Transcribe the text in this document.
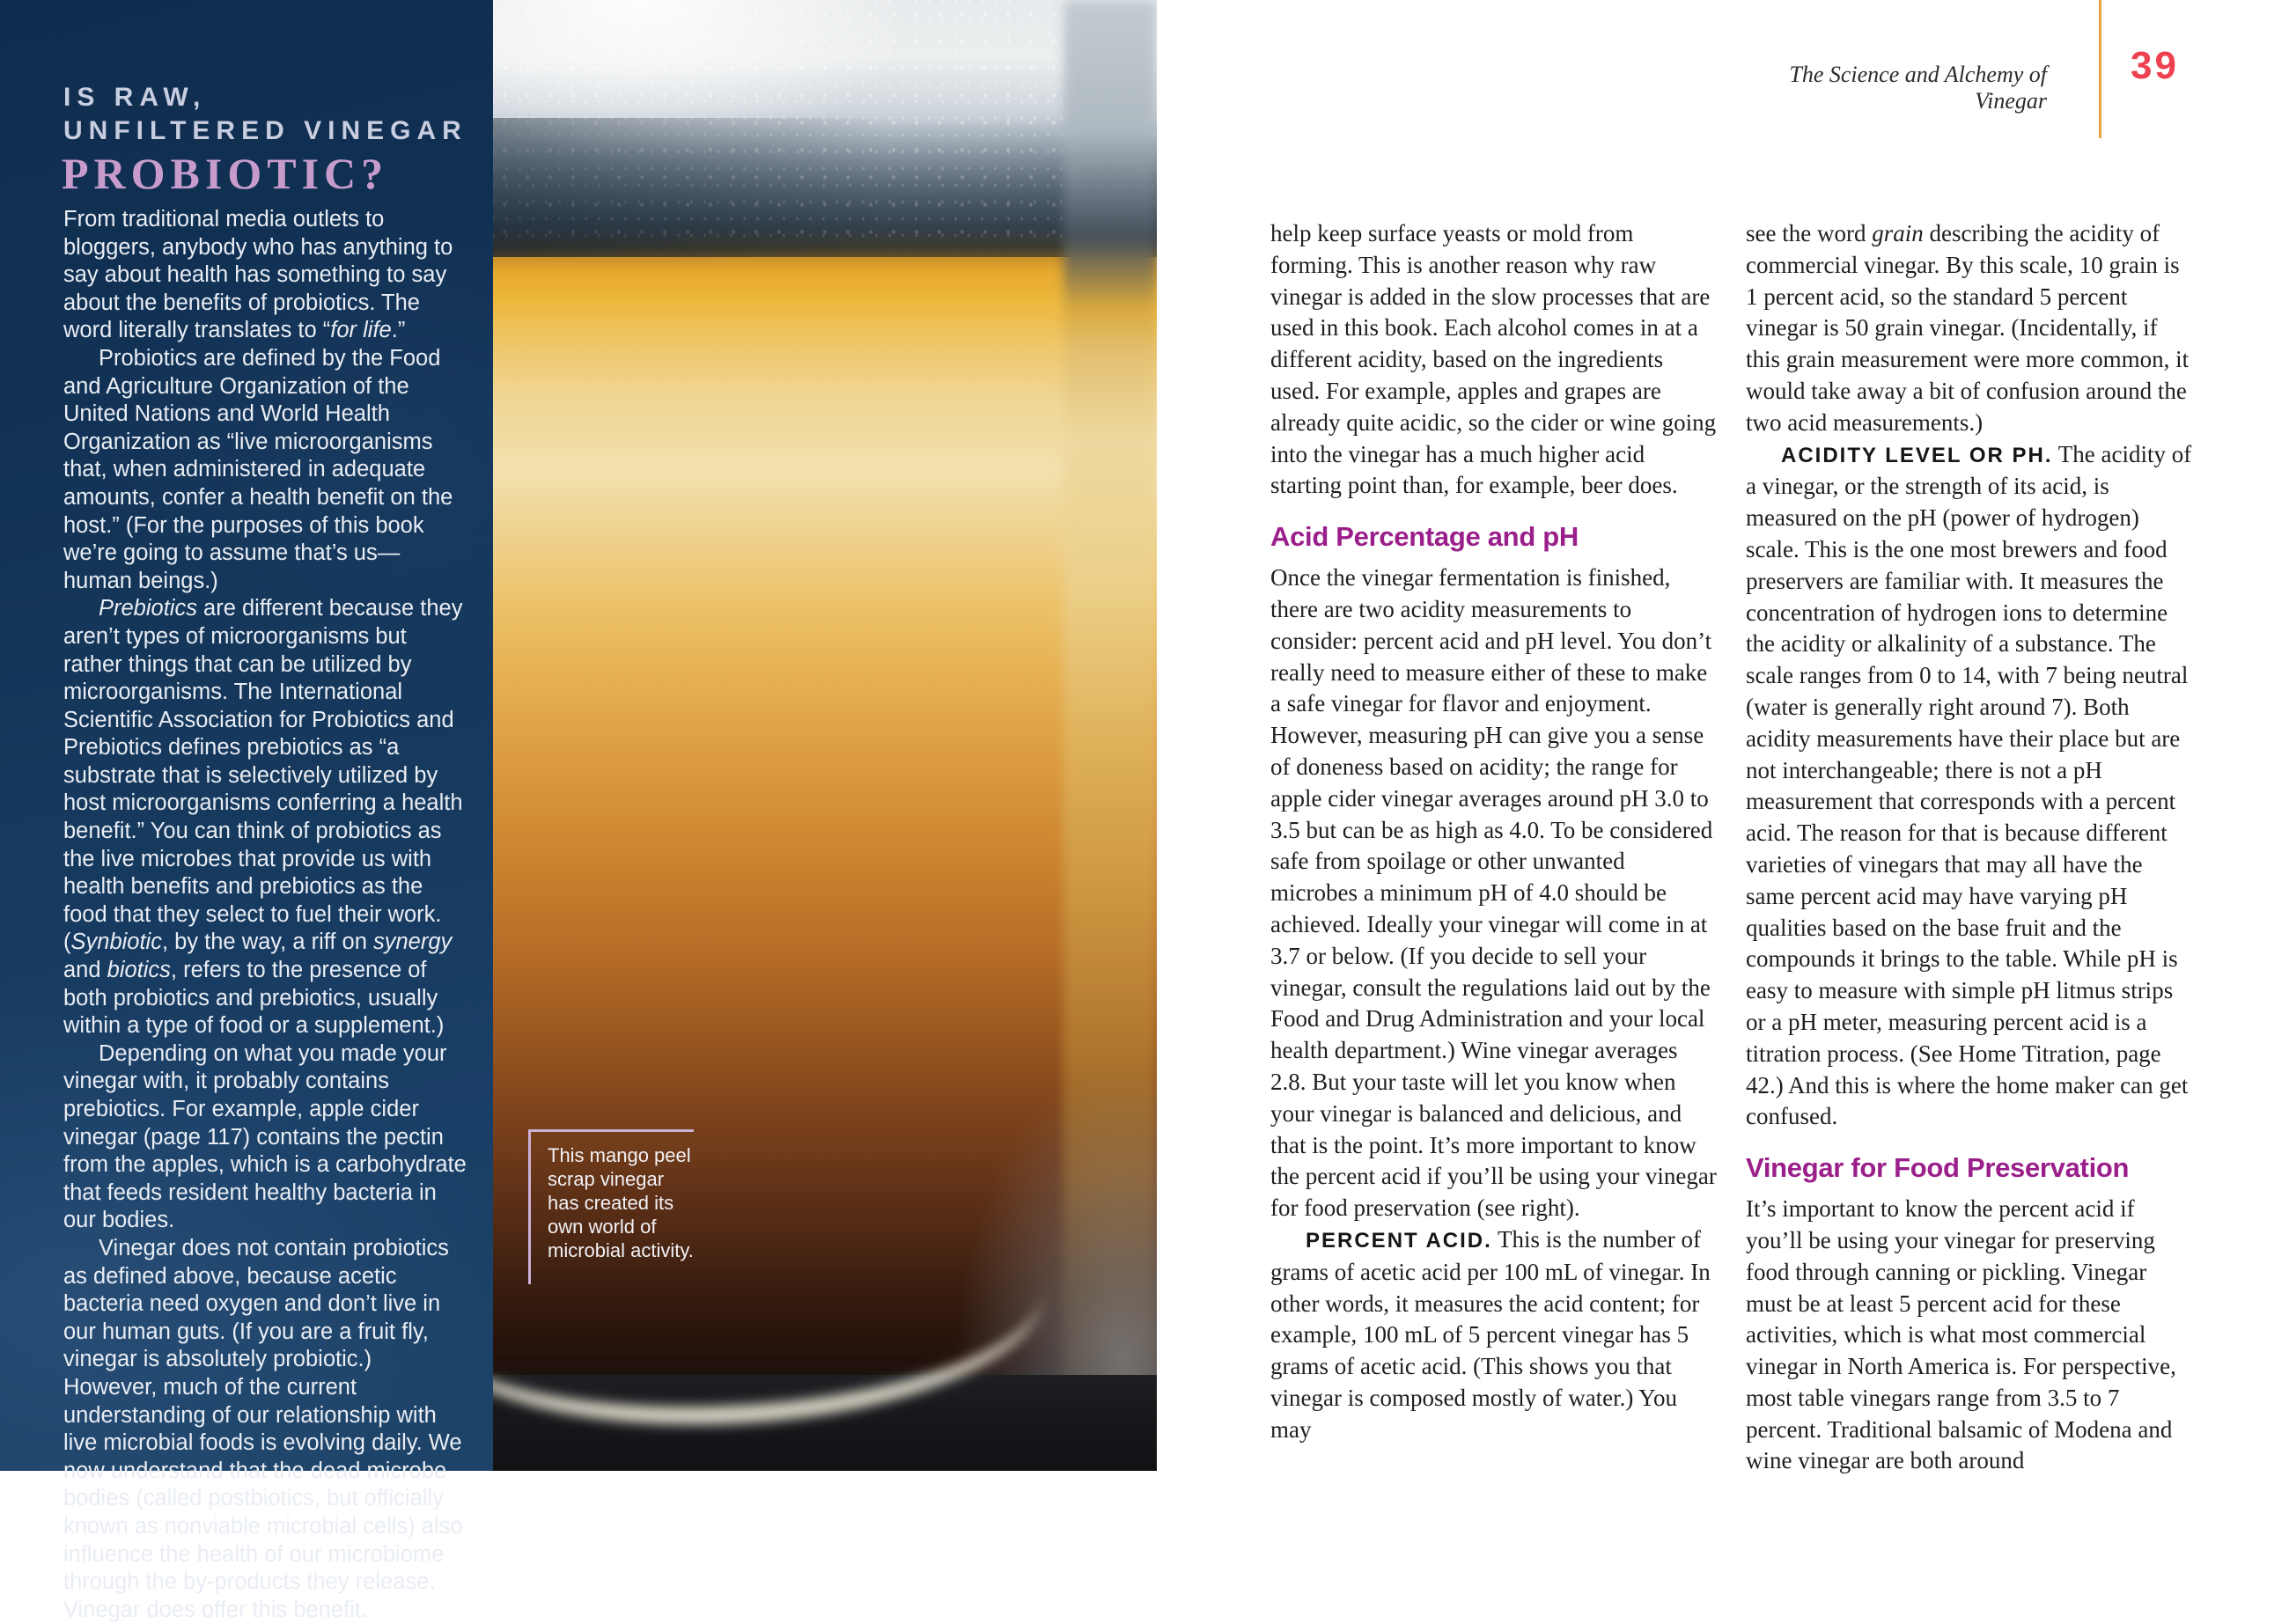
IS RAW,
UNFILTERED VINEGAR
PROBIOTIC?

From traditional media outlets to bloggers, anybody who has anything to say about health has something to say about the benefits of probiotics. The word literally translates to “for life.”

Probiotics are defined by the Food and Agriculture Organization of the United Nations and World Health Organization as “live microorganisms that, when administered in adequate amounts, confer a health benefit on the host.” (For the purposes of this book we’re going to assume that’s us—human beings.)

Prebiotics are different because they aren’t types of microorganisms but rather things that can be utilized by microorganisms. The International Scientific Association for Probiotics and Prebiotics defines prebiotics as “a substrate that is selectively utilized by host microorganisms conferring a health benefit.” You can think of probiotics as the live microbes that provide us with health benefits and prebiotics as the food that they select to fuel their work. (Synbiotic, by the way, a riff on synergy and biotics, refers to the presence of both probiotics and prebiotics, usually within a type of food or a supplement.)

Depending on what you made your vinegar with, it probably contains prebiotics. For example, apple cider vinegar (page 117) contains the pectin from the apples, which is a carbohydrate that feeds resident healthy bacteria in our bodies.

Vinegar does not contain probiotics as defined above, because acetic bacteria need oxygen and don’t live in our human guts. (If you are a fruit fly, vinegar is absolutely probiotic.) However, much of the current understanding of our relationship with live microbial foods is evolving daily. We now understand that the dead microbe bodies (called postbiotics, but officially known as nonviable microbial cells) also influence the health of our microbiome through the by-products they release. Vinegar does offer this benefit.

This mango peel scrap vinegar has created its own world of microbial activity.
The Science and Alchemy of Vinegar
39

help keep surface yeasts or mold from forming. This is another reason why raw vinegar is added in the slow processes that are used in this book. Each alcohol comes in at a different acidity, based on the ingredients used. For example, apples and grapes are already quite acidic, so the cider or wine going into the vinegar has a much higher acid starting point than, for example, beer does.

Acid Percentage and pH

Once the vinegar fermentation is finished, there are two acidity measurements to consider: percent acid and pH level. You don’t really need to measure either of these to make a safe vinegar for flavor and enjoyment. However, measuring pH can give you a sense of doneness based on acidity; the range for apple cider vinegar averages around pH 3.0 to 3.5 but can be as high as 4.0. To be considered safe from spoilage or other unwanted microbes a minimum pH of 4.0 should be achieved. Ideally your vinegar will come in at 3.7 or below. (If you decide to sell your vinegar, consult the regulations laid out by the Food and Drug Administration and your local health department.) Wine vinegar averages 2.8. But your taste will let you know when your vinegar is balanced and delicious, and that is the point. It’s more important to know the percent acid if you’ll be using your vinegar for food preservation (see right).

PERCENT ACID. This is the number of grams of acetic acid per 100 mL of vinegar. In other words, it measures the acid content; for example, 100 mL of 5 percent vinegar has 5 grams of acetic acid. (This shows you that vinegar is composed mostly of water.) You may

see the word grain describing the acidity of commercial vinegar. By this scale, 10 grain is 1 percent acid, so the standard 5 percent vinegar is 50 grain vinegar. (Incidentally, if this grain measurement were more common, it would take away a bit of confusion around the two acid measurements.)

ACIDITY LEVEL OR PH. The acidity of a vinegar, or the strength of its acid, is measured on the pH (power of hydrogen) scale. This is the one most brewers and food preservers are familiar with. It measures the concentration of hydrogen ions to determine the acidity or alkalinity of a substance. The scale ranges from 0 to 14, with 7 being neutral (water is generally right around 7). Both acidity measurements have their place but are not interchangeable; there is not a pH measurement that corresponds with a percent acid. The reason for that is because different varieties of vinegars that may all have the same percent acid may have varying pH qualities based on the base fruit and the compounds it brings to the table. While pH is easy to measure with simple pH litmus strips or a pH meter, measuring percent acid is a titration process. (See Home Titration, page 42.) And this is where the home maker can get confused.

Vinegar for Food Preservation

It’s important to know the percent acid if you’ll be using your vinegar for preserving food through canning or pickling. Vinegar must be at least 5 percent acid for these activities, which is what most commercial vinegar in North America is. For perspective, most table vinegars range from 3.5 to 7 percent. Traditional balsamic of Modena and wine vinegar are both around
